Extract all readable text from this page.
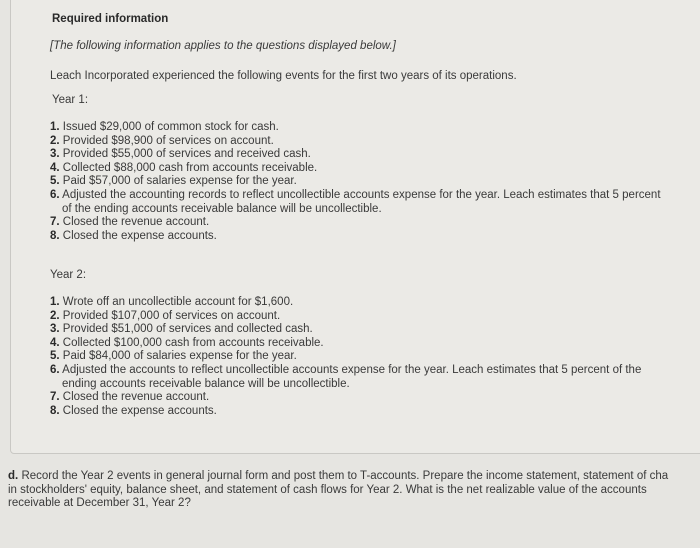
Required information
[The following information applies to the questions displayed below.]
Leach Incorporated experienced the following events for the first two years of its operations.
Year 1:
1. Issued $29,000 of common stock for cash.
2. Provided $98,900 of services on account.
3. Provided $55,000 of services and received cash.
4. Collected $88,000 cash from accounts receivable.
5. Paid $57,000 of salaries expense for the year.
6. Adjusted the accounting records to reflect uncollectible accounts expense for the year. Leach estimates that 5 percent
of the ending accounts receivable balance will be uncollectible.
7. Closed the revenue account.
8. Closed the expense accounts.
Year 2:
1. Wrote off an uncollectible account for $1,600.
2. Provided $107,000 of services on account.
3. Provided $51,000 of services and collected cash.
4. Collected $100,000 cash from accounts receivable.
5. Paid $84,000 of salaries expense for the year.
6. Adjusted the accounts to reflect uncollectible accounts expense for the year. Leach estimates that 5 percent of the
ending accounts receivable balance will be uncollectible.
7. Closed the revenue account.
8. Closed the expense accounts.
d. Record the Year 2 events in general journal form and post them to T-accounts. Prepare the income statement, statement of cha
in stockholders' equity, balance sheet, and statement of cash flows for Year 2. What is the net realizable value of the accounts
receivable at December 31, Year 2?
